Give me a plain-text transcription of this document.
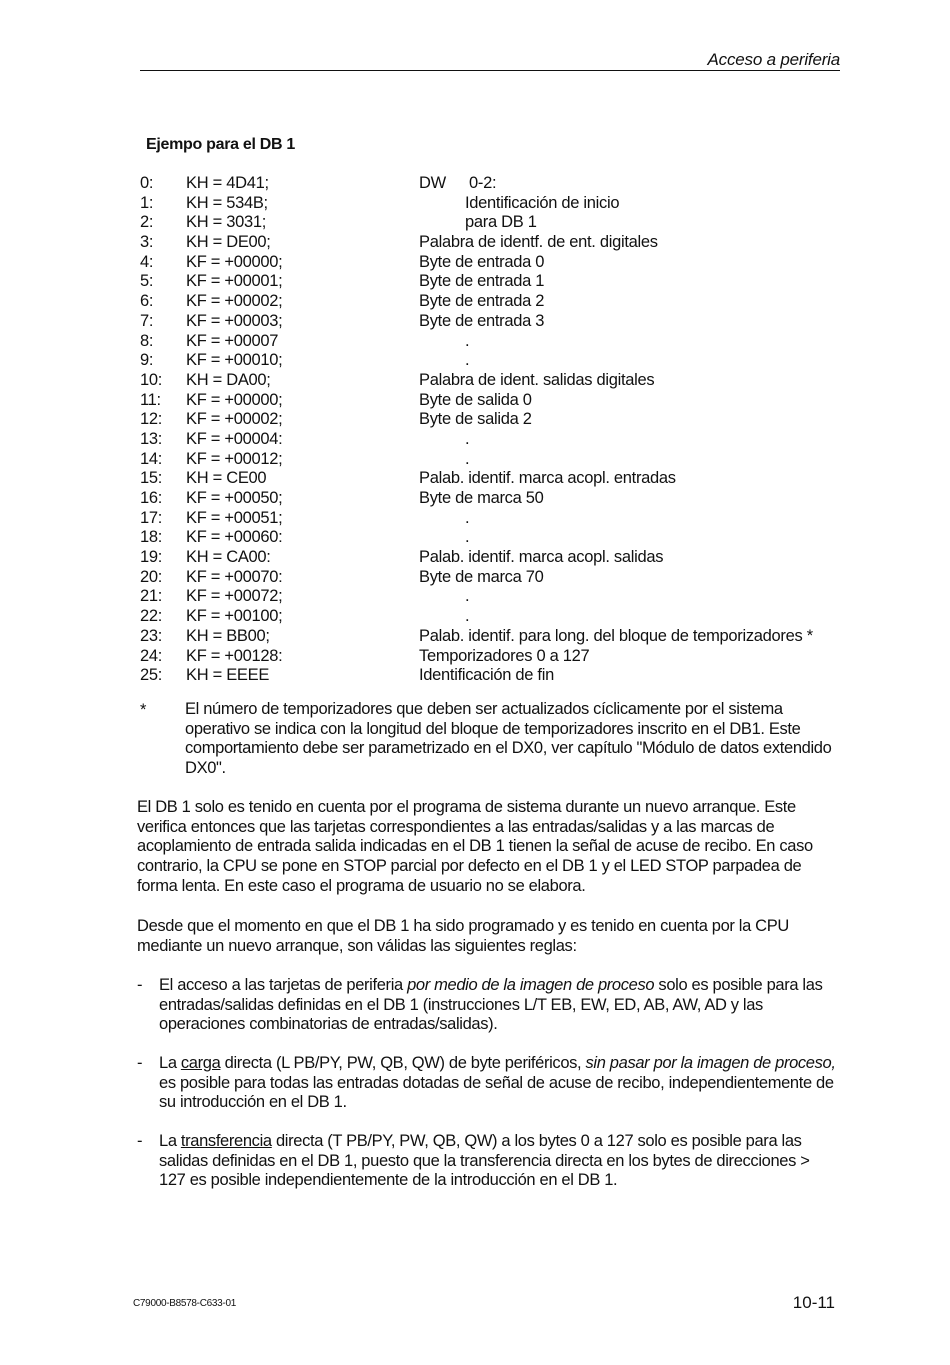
Acceso a periferia
Ejempo para el DB 1
0: KH = 4D41;	DW 0-2:
1: KH = 534B;	Identificación de inicio
2: KH = 3031;	para DB 1
3: KH = DE00;	Palabra de identf. de ent. digitales
4: KF = +00000;	Byte de entrada 0
5: KF = +00001;	Byte de entrada 1
6: KF = +00002;	Byte de entrada 2
7: KF = +00003;	Byte de entrada 3
8: KF = +00007	.
9: KF = +00010;	.
10: KH = DA00;	Palabra de ident. salidas digitales
11: KF = +00000;	Byte de salida 0
12: KF = +00002;	Byte de salida 2
13: KF = +00004:	.
14: KF = +00012;	.
15: KH = CE00	Palab. identif. marca acopl. entradas
16: KF = +00050;	Byte de marca 50
17: KF = +00051;	.
18: KF = +00060:	.
19: KH = CA00:	Palab. identif. marca acopl. salidas
20: KF = +00070:	Byte de marca 70
21: KF = +00072;	.
22: KF = +00100;	.
23: KH = BB00;	Palab. identif. para long. del bloque de temporizadores *
24: KF = +00128:	Temporizadores 0 a 127
25: KH = EEEE	Identificación de fin
* El número de temporizadores que deben ser actualizados cíclicamente por el sistema operativo se indica con la longitud del bloque de temporizadores inscrito en el DB1. Este comportamiento debe ser parametrizado en el DX0, ver capítulo "Módulo de datos extendido DX0".
El DB 1 solo es tenido en cuenta por el programa de sistema durante un nuevo arranque. Este verifica entonces que las tarjetas correspondientes a las entradas/salidas y a las marcas de acoplamiento de entrada salida indicadas en el DB 1 tienen la señal de acuse de recibo. En caso contrario, la CPU se pone en STOP parcial por defecto en el DB 1 y el LED STOP parpadea de forma lenta. En este caso el programa de usuario no se elabora.
Desde que el momento en que el DB 1 ha sido programado y es tenido en cuenta por la CPU mediante un nuevo arranque, son válidas las siguientes reglas:
- El acceso a las tarjetas de periferia por medio de la imagen de proceso solo es posible para las entradas/salidas definidas en el DB 1 (instrucciones L/T EB, EW, ED, AB, AW, AD y las operaciones combinatorias de entradas/salidas).
- La carga directa (L PB/PY, PW, QB, QW) de byte periféricos, sin pasar por la imagen de proceso, es posible para todas las entradas dotadas de señal de acuse de recibo, independientemente de su introducción en el DB 1.
- La transferencia directa (T PB/PY, PW, QB, QW) a los bytes 0 a 127 solo es posible para las salidas definidas en el DB 1, puesto que la transferencia directa en los bytes de direcciones > 127 es posible independientemente de la introducción en el DB 1.
C79000-B8578-C633-01	10-11
